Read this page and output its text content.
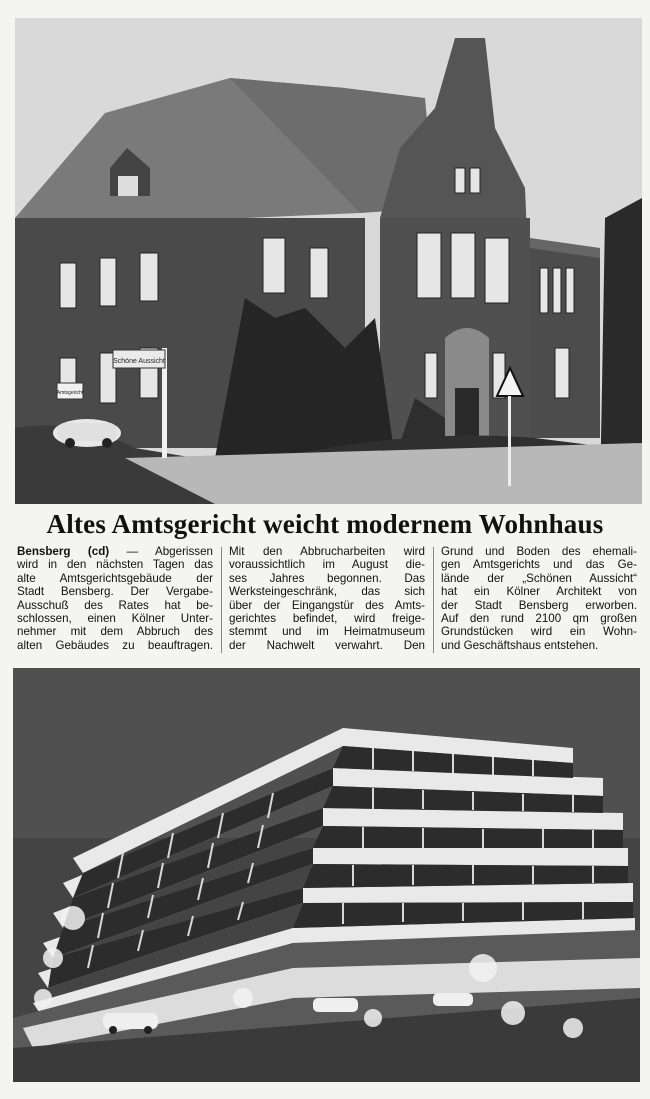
Schöne Aussicht
Amtsgericht
Altes Amtsgericht weicht modernem Wohnhaus
Bensberg (cd) — Abgerissen
wird in den nächsten Tagen das
alte Amtsgerichtsgebäude der
Stadt Bensberg. Der Vergabe-
Ausschuß des Rates hat be-
schlossen, einen Kölner Unter-
nehmer mit dem Abbruch des
alten Gebäudes zu beauftragen.
Mit den Abbrucharbeiten wird
voraussichtlich im August die-
ses Jahres begonnen. Das
Werksteingeschränk, das sich
über der Eingangstür des Amts-
gerichtes befindet, wird freige-
stemmt und im Heimatmuseum
der Nachwelt verwahrt. Den
Grund und Boden des ehemali-
gen Amtsgerichts und das Ge-
lände der „Schönen Aussicht“
hat ein Kölner Architekt von
der Stadt Bensberg erworben.
Auf den rund 2100 qm großen
Grundstücken wird ein Wohn-
und Geschäftshaus entstehen.
